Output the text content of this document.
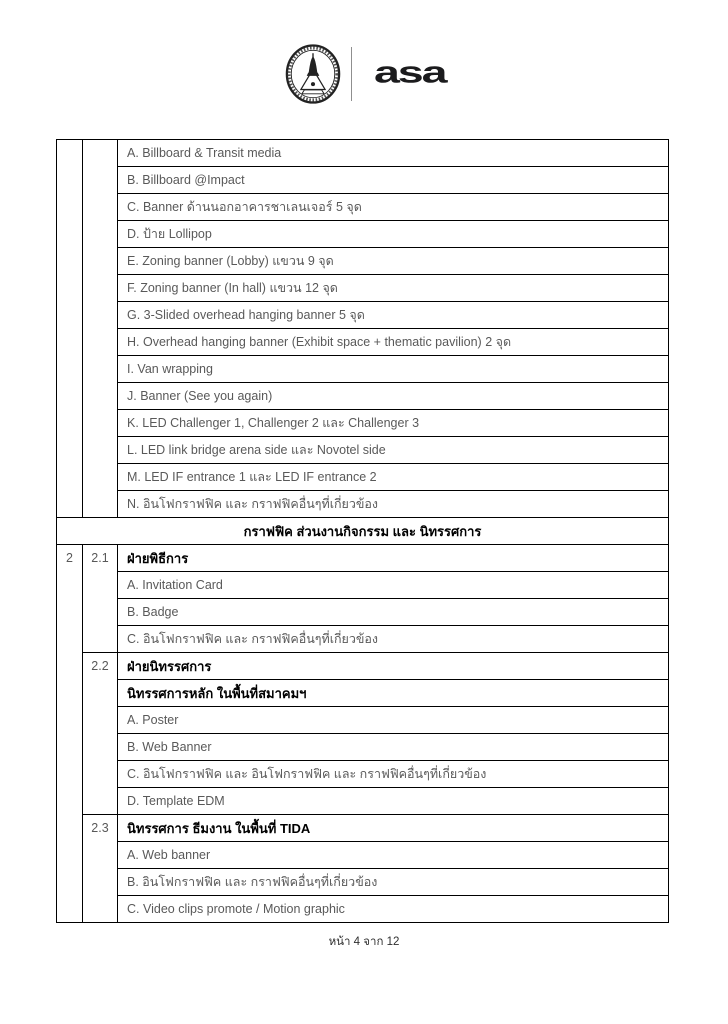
asa
		A. Billboard & Transit media
		B. Billboard @Impact
		C. Banner ด้านนอกอาคารชาเลนเจอร์ 5 จุด
		D. ป้าย Lollipop
		E. Zoning banner (Lobby) แขวน 9 จุด
		F. Zoning banner (In hall) แขวน 12 จุด
		G. 3-Slided overhead hanging banner 5 จุด
		H. Overhead hanging banner (Exhibit space + thematic pavilion) 2 จุด
		I. Van wrapping
		J. Banner (See you again)
		K. LED Challenger 1, Challenger 2 และ Challenger 3
		L. LED link bridge arena side และ Novotel side
		M. LED IF entrance 1 และ LED IF entrance 2
		N. อินโฟกราฟฟิค และ กราฟฟิคอื่นๆที่เกี่ยวข้อง
กราฟฟิค ส่วนงานกิจกรรม และ นิทรรศการ		
2	2.1	ฝ่ายพิธีการ
		A. Invitation Card
		B. Badge
		C. อินโฟกราฟฟิค และ กราฟฟิคอื่นๆที่เกี่ยวข้อง
	2.2	ฝ่ายนิทรรศการ
		นิทรรศการหลัก ในพื้นที่สมาคมฯ
		A. Poster
		B. Web Banner
		C. อินโฟกราฟฟิค และ อินโฟกราฟฟิค และ กราฟฟิคอื่นๆที่เกี่ยวข้อง
		D. Template EDM
	2.3	นิทรรศการ ธีมงาน ในพื้นที่ TIDA
		A. Web banner
		B. อินโฟกราฟฟิค และ กราฟฟิคอื่นๆที่เกี่ยวข้อง
		C. Video clips promote / Motion graphic
หน้า 4 จาก 12
